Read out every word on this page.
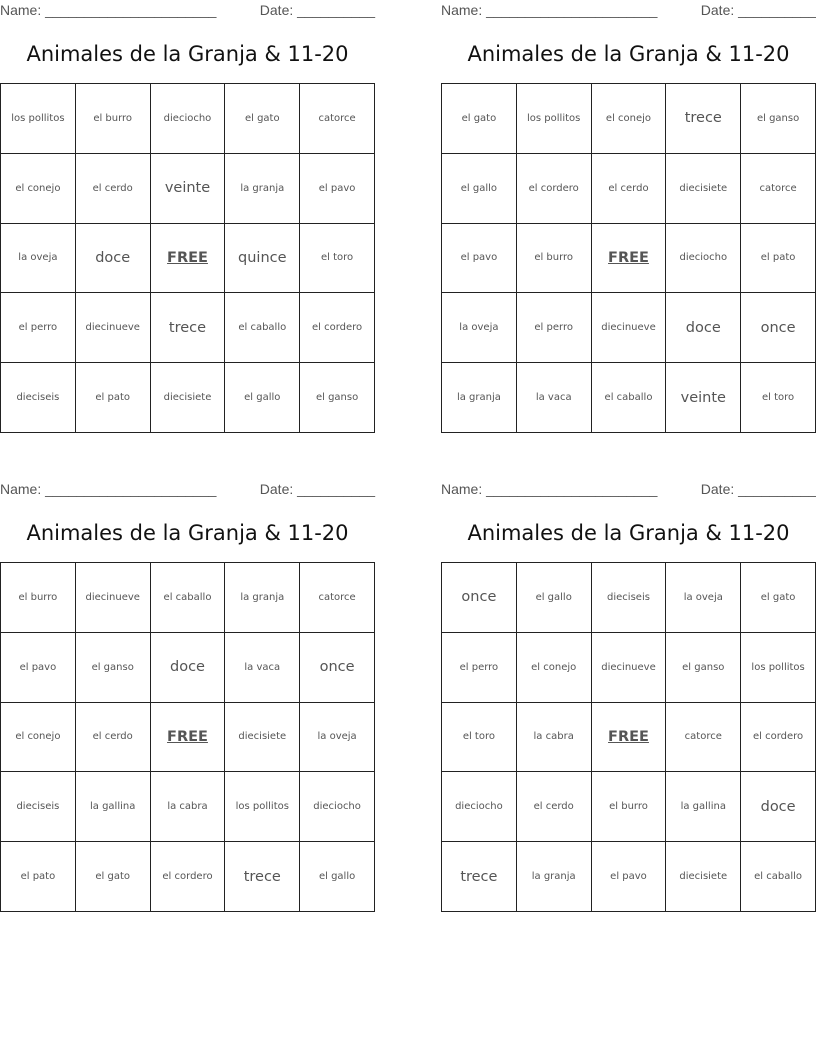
Name: ______________________	Date: __________
Animales de la Granja & 11-20
los pollitos	el burro	dieciocho	el gato	catorce
el conejo	el cerdo	veinte	la granja	el pavo
la oveja	doce	FREE	quince	el toro
el perro	diecinueve	trece	el caballo	el cordero
dieciseis	el pato	diecisiete	el gallo	el ganso
Name: ______________________	Date: __________
Animales de la Granja & 11-20
el gato	los pollitos	el conejo	trece	el ganso
el gallo	el cordero	el cerdo	diecisiete	catorce
el pavo	el burro	FREE	dieciocho	el pato
la oveja	el perro	diecinueve	doce	once
la granja	la vaca	el caballo	veinte	el toro
Name: ______________________	Date: __________
Animales de la Granja & 11-20
el burro	diecinueve	el caballo	la granja	catorce
el pavo	el ganso	doce	la vaca	once
el conejo	el cerdo	FREE	diecisiete	la oveja
dieciseis	la gallina	la cabra	los pollitos	dieciocho
el pato	el gato	el cordero	trece	el gallo
Name: ______________________	Date: __________
Animales de la Granja & 11-20
once	el gallo	dieciseis	la oveja	el gato
el perro	el conejo	diecinueve	el ganso	los pollitos
el toro	la cabra	FREE	catorce	el cordero
dieciocho	el cerdo	el burro	la gallina	doce
trece	la granja	el pavo	diecisiete	el caballo
